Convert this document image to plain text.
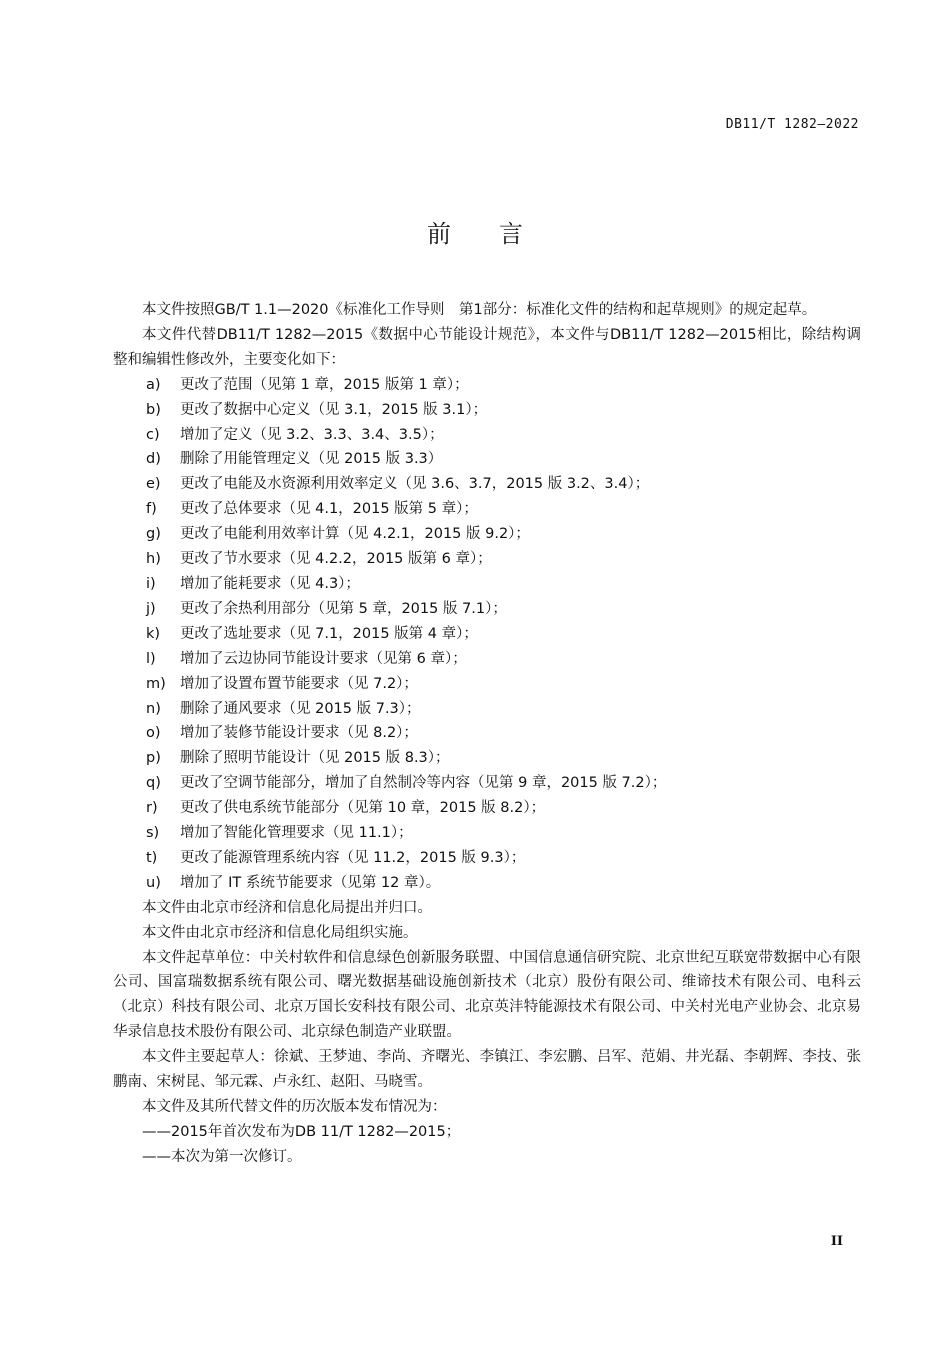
DB11/T 1282—2022
前言

本文件按照GB/T 1.1—2020《标准化工作导则　第1部分：标准化文件的结构和起草规则》的规定起草。

本文件代替DB11/T 1282—2015《数据中心节能设计规范》，本文件与DB11/T 1282—2015相比，除结构调整和编辑性修改外，主要变化如下：

a) 更改了范围（见第 1 章，2015 版第 1 章）；

b) 更改了数据中心定义（见 3.1，2015 版 3.1）；

c) 增加了定义（见 3.2、3.3、3.4、3.5）；

d) 删除了用能管理定义（见 2015 版 3.3）

e) 更改了电能及水资源利用效率定义（见 3.6、3.7，2015 版 3.2、3.4）；

f) 更改了总体要求（见 4.1，2015 版第 5 章）；

g) 更改了电能利用效率计算（见 4.2.1，2015 版 9.2）；

h) 更改了节水要求（见 4.2.2，2015 版第 6 章）；

i) 增加了能耗要求（见 4.3）；

j) 更改了余热利用部分（见第 5 章，2015 版 7.1）；

k) 更改了选址要求（见 7.1，2015 版第 4 章）；

l) 增加了云边协同节能设计要求（见第 6 章）；

m) 增加了设置布置节能要求（见 7.2）；

n) 删除了通风要求（见 2015 版 7.3）；

o) 增加了装修节能设计要求（见 8.2）；

p) 删除了照明节能设计（见 2015 版 8.3）；

q) 更改了空调节能部分，增加了自然制冷等内容（见第 9 章，2015 版 7.2）；

r) 更改了供电系统节能部分（见第 10 章，2015 版 8.2）；

s) 增加了智能化管理要求（见 11.1）；

t) 更改了能源管理系统内容（见 11.2，2015 版 9.3）；

u) 增加了 IT 系统节能要求（见第 12 章）。

本文件由北京市经济和信息化局提出并归口。

本文件由北京市经济和信息化局组织实施。

本文件起草单位：中关村软件和信息绿色创新服务联盟、中国信息通信研究院、北京世纪互联宽带数据中心有限公司、国富瑞数据系统有限公司、曙光数据基础设施创新技术（北京）股份有限公司、维谛技术有限公司、电科云（北京）科技有限公司、北京万国长安科技有限公司、北京英沣特能源技术有限公司、中关村光电产业协会、北京易华录信息技术股份有限公司、北京绿色制造产业联盟。

本文件主要起草人：徐斌、王梦迪、李尚、齐曙光、李镇江、李宏鹏、吕军、范娟、井光磊、李朝辉、李技、张鹏南、宋树昆、邹元霖、卢永红、赵阳、马晓雪。

本文件及其所代替文件的历次版本发布情况为：

——2015年首次发布为DB 11/T 1282—2015；

——本次为第一次修订。

II
